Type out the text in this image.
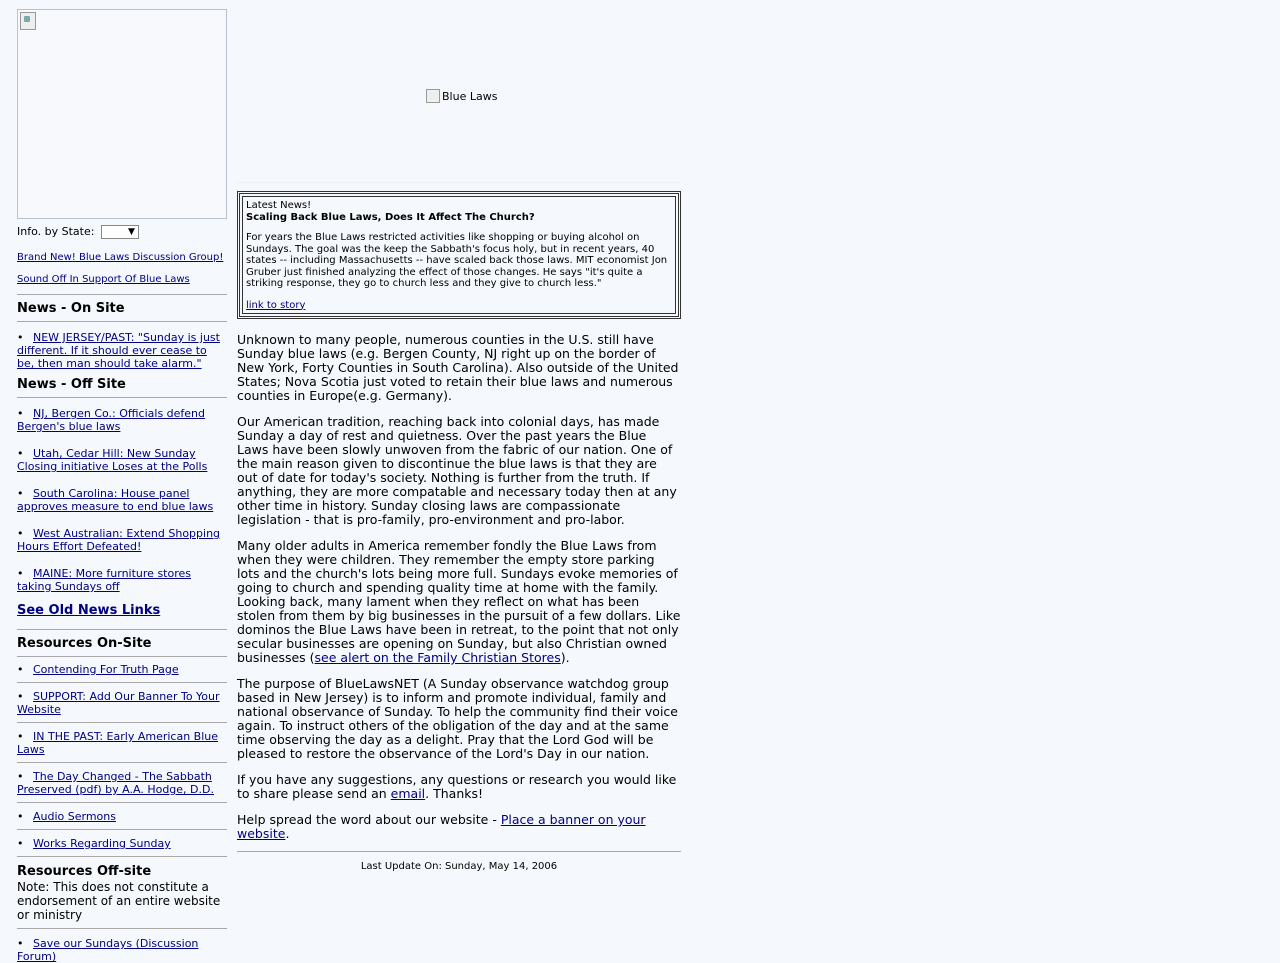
Info. by State:	▼
Brand New! Blue Laws Discussion Group!
Sound Off In Support Of Blue Laws
News - On Site
• NEW JERSEY/PAST: "Sunday is just different. If it should ever cease to be, then man should take alarm."
News - Off Site
• NJ, Bergen Co.: Officials defend Bergen's blue laws
• Utah, Cedar Hill: New Sunday Closing initiative Loses at the Polls
• South Carolina: House panel approves measure to end blue laws
• West Australian: Extend Shopping Hours Effort Defeated!
• MAINE: More furniture stores taking Sundays off
See Old News Links
Resources On-Site
• Contending For Truth Page
• SUPPORT: Add Our Banner To Your Website
• IN THE PAST: Early American Blue Laws
• The Day Changed - The Sabbath Preserved (pdf) by A.A. Hodge, D.D.
• Audio Sermons
• Works Regarding Sunday
Resources Off-site
Note: This does not constitute a endorsement of an entire website or ministry
• Save our Sundays (Discussion Forum)
Blue Laws
Latest News!
Scaling Back Blue Laws, Does It Affect The Church?

For years the Blue Laws restricted activities like shopping or buying alcohol on Sundays. The goal was the keep the Sabbath's focus holy, but in recent years, 40 states -- including Massachusetts -- have scaled back those laws. MIT economist Jon Gruber just finished analyzing the effect of those changes. He says "it's quite a striking response, they go to church less and they give to church less."

link to story
Unknown to many people, numerous counties in the U.S. still have Sunday blue laws (e.g. Bergen County, NJ right up on the border of New York, Forty Counties in South Carolina). Also outside of the United States; Nova Scotia just voted to retain their blue laws and numerous counties in Europe(e.g. Germany).
Our American tradition, reaching back into colonial days, has made Sunday a day of rest and quietness. Over the past years the Blue Laws have been slowly unwoven from the fabric of our nation. One of the main reason given to discontinue the blue laws is that they are out of date for today's society. Nothing is further from the truth. If anything, they are more compatable and necessary today then at any other time in history. Sunday closing laws are compassionate legislation - that is pro-family, pro-environment and pro-labor.
Many older adults in America remember fondly the Blue Laws from when they were children. They remember the empty store parking lots and the church's lots being more full. Sundays evoke memories of going to church and spending quality time at home with the family. Looking back, many lament when they reflect on what has been stolen from them by big businesses in the pursuit of a few dollars. Like dominos the Blue Laws have been in retreat, to the point that not only secular businesses are opening on Sunday, but also Christian owned businesses (see alert on the Family Christian Stores).
The purpose of BlueLawsNET (A Sunday observance watchdog group based in New Jersey) is to inform and promote individual, family and national observance of Sunday. To help the community find their voice again. To instruct others of the obligation of the day and at the same time observing the day as a delight. Pray that the Lord God will be pleased to restore the observance of the Lord's Day in our nation.
If you have any suggestions, any questions or research you would like to share please send an email. Thanks!
Help spread the word about our website - Place a banner on your website.
Last Update On: Sunday, May 14, 2006
